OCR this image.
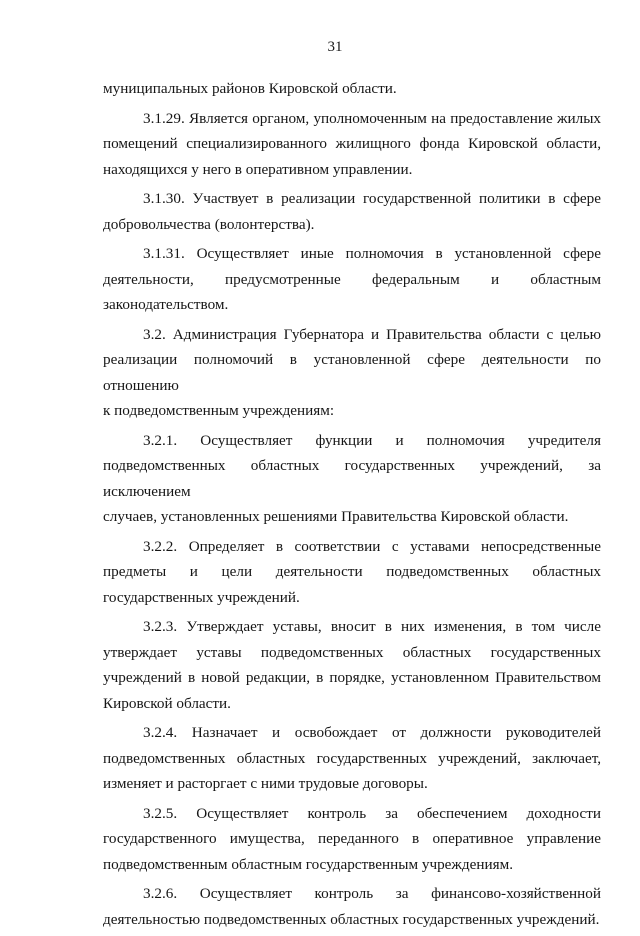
31
муниципальных районов Кировской области.
3.1.29. Является органом, уполномоченным на предоставление жилых
помещений специализированного жилищного фонда Кировской области,
находящихся у него в оперативном управлении.
3.1.30. Участвует в реализации государственной политики в сфере
добровольчества (волонтерства).
3.1.31. Осуществляет иные полномочия в установленной сфере
деятельности, предусмотренные федеральным и областным
законодательством.
3.2. Администрация Губернатора и Правительства области с целью
реализации полномочий в установленной сфере деятельности по отношению
к подведомственным учреждениям:
3.2.1. Осуществляет функции и полномочия учредителя
подведомственных областных государственных учреждений, за исключением
случаев, установленных решениями Правительства Кировской области.
3.2.2. Определяет в соответствии с уставами непосредственные
предметы и цели деятельности подведомственных областных
государственных учреждений.
3.2.3. Утверждает уставы, вносит в них изменения, в том числе
утверждает уставы подведомственных областных государственных
учреждений в новой редакции, в порядке, установленном Правительством
Кировской области.
3.2.4. Назначает и освобождает от должности руководителей
подведомственных областных государственных учреждений, заключает,
изменяет и расторгает с ними трудовые договоры.
3.2.5. Осуществляет контроль за обеспечением доходности
государственного имущества, переданного в оперативное управление
подведомственным областным государственным учреждениям.
3.2.6. Осуществляет контроль за финансово-хозяйственной
деятельностью подведомственных областных государственных учреждений.
